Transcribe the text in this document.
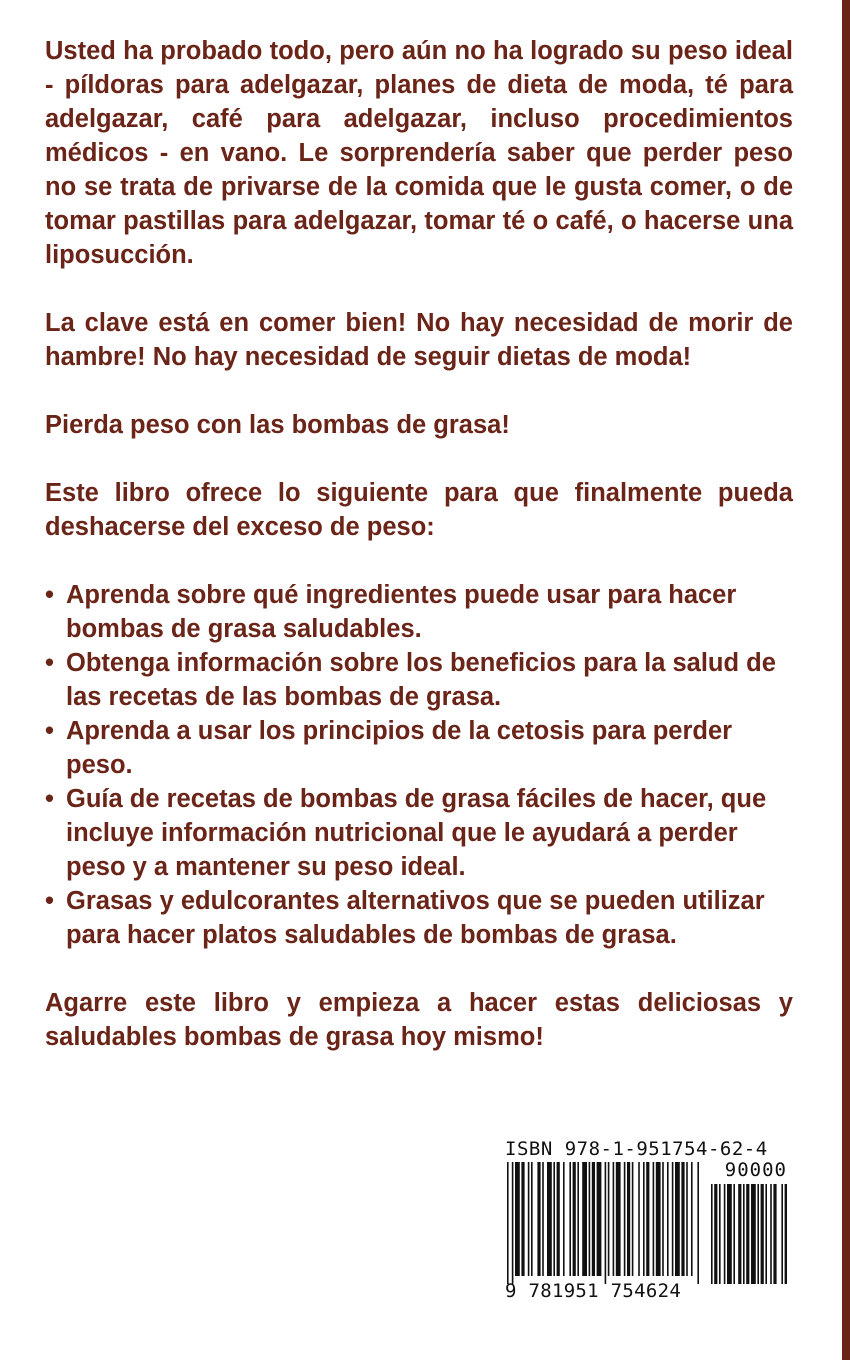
Usted ha probado todo, pero aún no ha logrado su peso ideal - píldoras para adelgazar, planes de dieta de moda, té para adelgazar, café para adelgazar, incluso procedimientos médicos - en vano. Le sorprendería saber que perder peso no se trata de privarse de la comida que le gusta comer, o de tomar pastillas para adelgazar, tomar té o café, o hacerse una liposucción.

La clave está en comer bien! No hay necesidad de morir de hambre! No hay necesidad de seguir dietas de moda!

Pierda peso con las bombas de grasa!

Este libro ofrece lo siguiente para que finalmente pueda deshacerse del exceso de peso:

• Aprenda sobre qué ingredientes puede usar para hacer bombas de grasa saludables.
• Obtenga información sobre los beneficios para la salud de las recetas de las bombas de grasa.
• Aprenda a usar los principios de la cetosis para perder peso.
• Guía de recetas de bombas de grasa fáciles de hacer, que incluye información nutricional que le ayudará a perder peso y a mantener su peso ideal.
• Grasas y edulcorantes alternativos que se pueden utilizar para hacer platos saludables de bombas de grasa.

Agarre este libro y empieza a hacer estas deliciosas y saludables bombas de grasa hoy mismo!

ISBN 978-1-951754-62-4
90000
9 781951 754624
